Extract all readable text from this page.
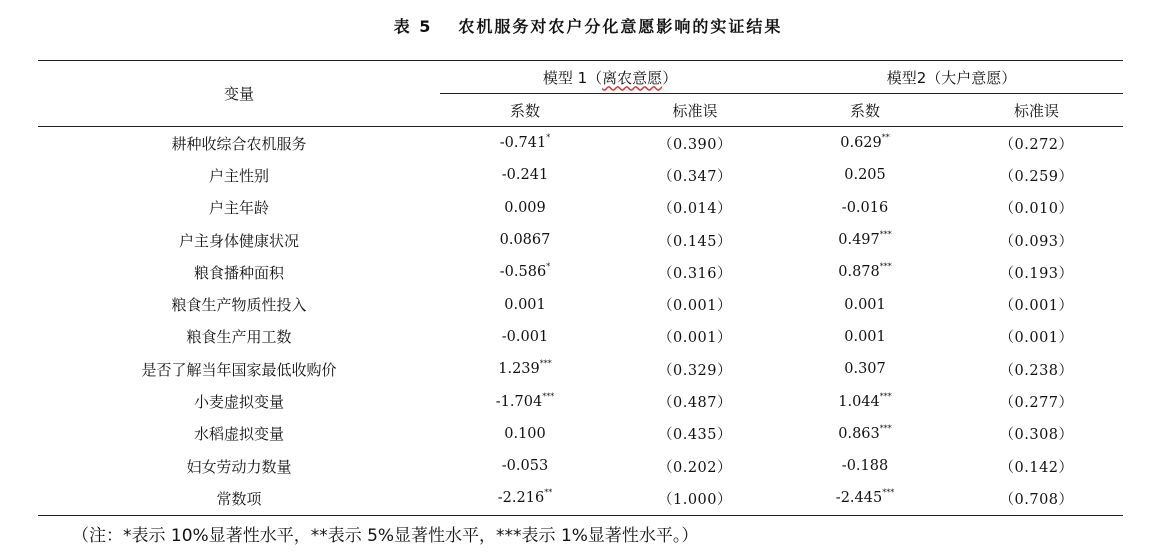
表 5 农机服务对农户分化意愿影响的实证结果
变量	模型 1（离农意愿）		模型2（大户意愿）	
	系数	标准误	系数	标准误
耕种收综合农机服务	-0.741*	（0.390）	0.629**	（0.272）
户主性别	-0.241	（0.347）	0.205	（0.259）
户主年龄	0.009	（0.014）	-0.016	（0.010）
户主身体健康状况	0.0867	（0.145）	0.497***	（0.093）
粮食播种面积	-0.586*	（0.316）	0.878***	（0.193）
粮食生产物质性投入	0.001	（0.001）	0.001	（0.001）
粮食生产用工数	-0.001	（0.001）	0.001	（0.001）
是否了解当年国家最低收购价	1.239***	（0.329）	0.307	（0.238）
小麦虚拟变量	-1.704***	（0.487）	1.044***	（0.277）
水稻虚拟变量	0.100	（0.435）	0.863***	（0.308）
妇女劳动力数量	-0.053	（0.202）	-0.188	（0.142）
常数项	-2.216**	（1.000）	-2.445***	（0.708）
（注：*表示 10%显著性水平，**表示 5%显著性水平，***表示 1%显著性水平。）
